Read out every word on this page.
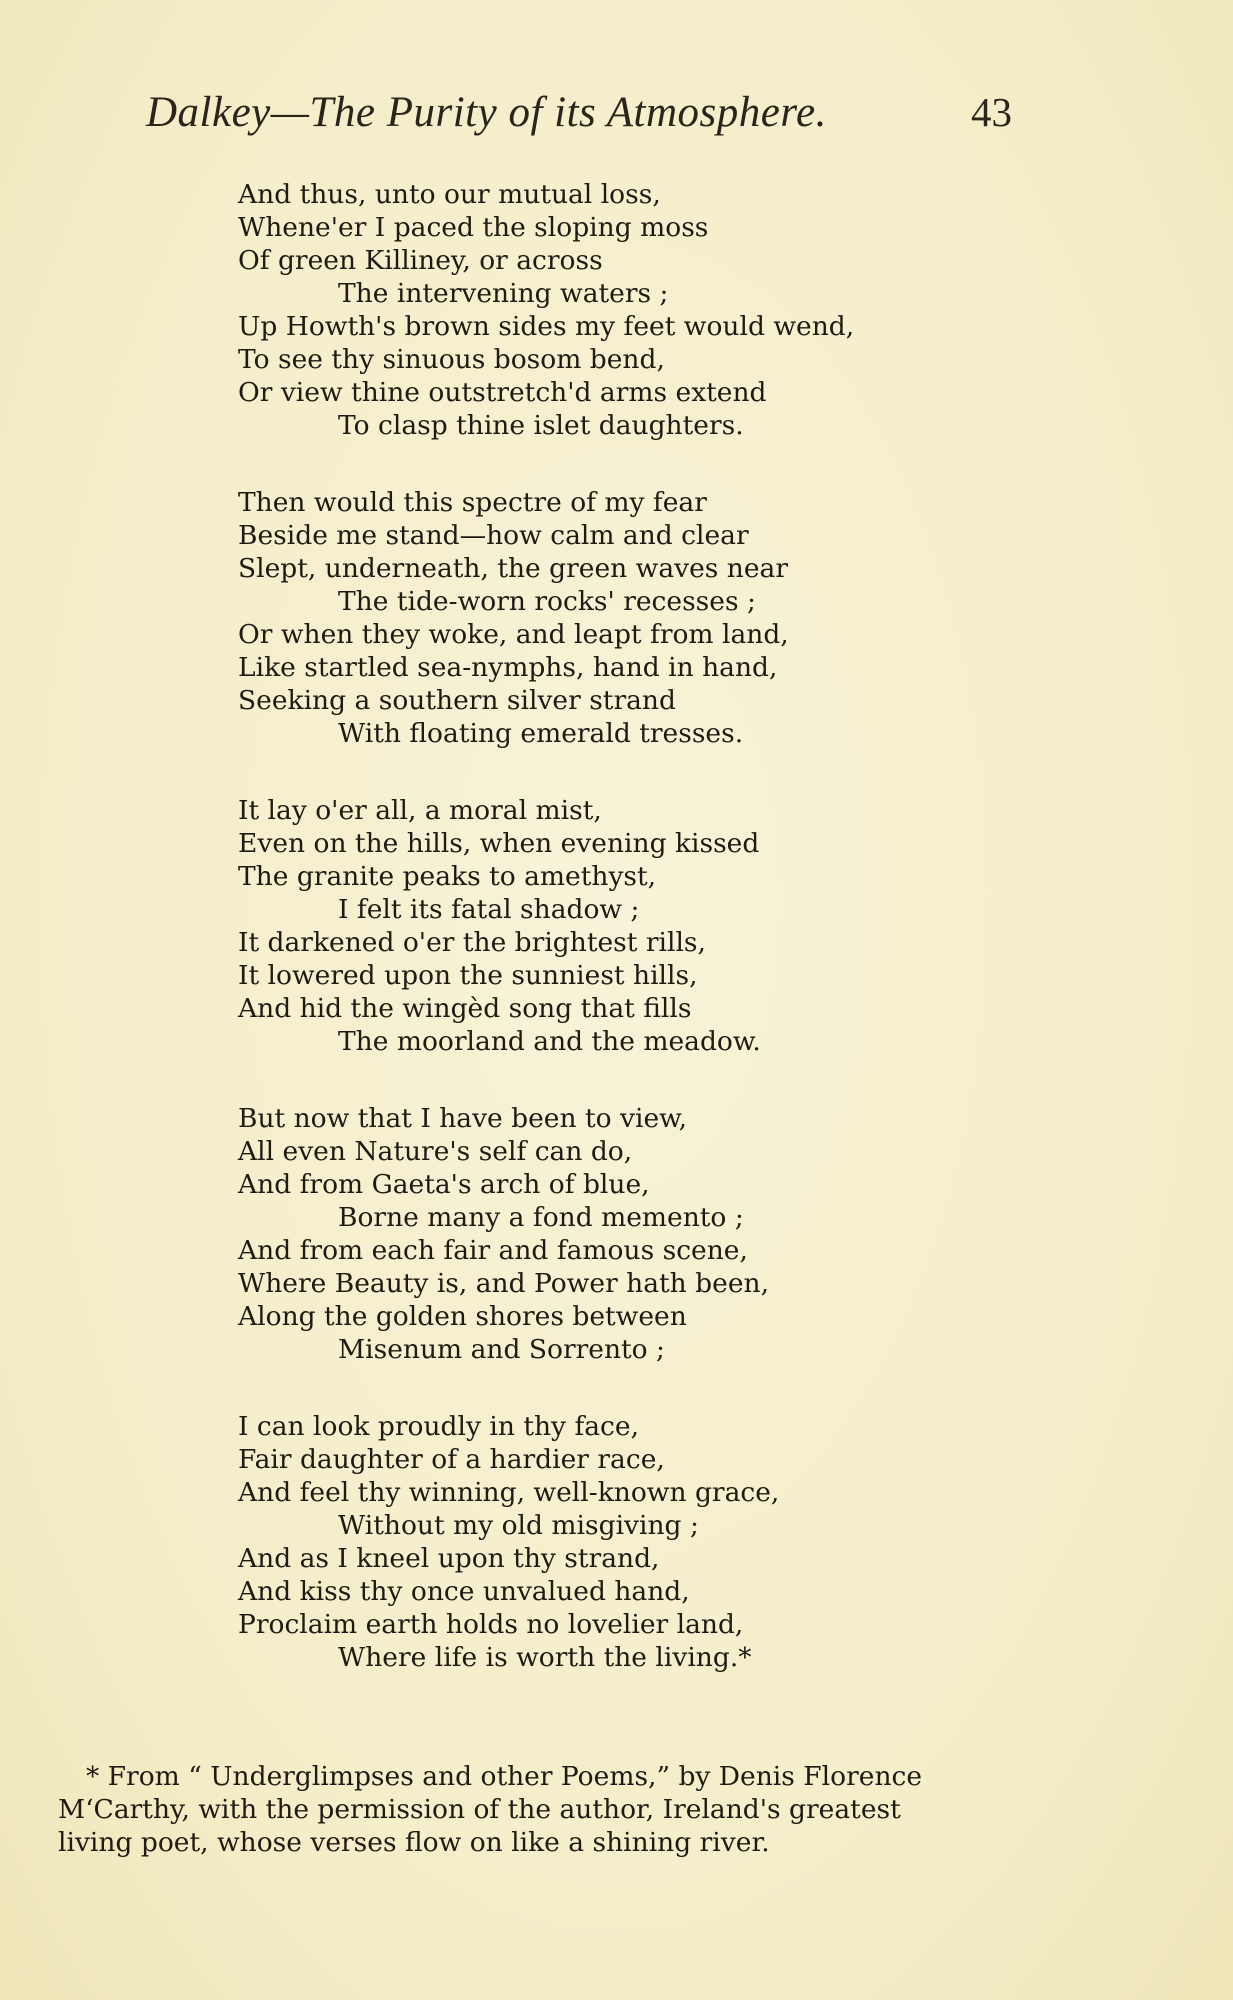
Dalkey—The Purity of its Atmosphere.	43
And thus, unto our mutual loss,
Whene'er I paced the sloping moss
Of green Killiney, or across
The intervening waters ;
Up Howth's brown sides my feet would wend,
To see thy sinuous bosom bend,
Or view thine outstretch'd arms extend
To clasp thine islet daughters.
Then would this spectre of my fear
Beside me stand—how calm and clear
Slept, underneath, the green waves near
The tide-worn rocks' recesses ;
Or when they woke, and leapt from land,
Like startled sea-nymphs, hand in hand,
Seeking a southern silver strand
With floating emerald tresses.
It lay o'er all, a moral mist,
Even on the hills, when evening kissed
The granite peaks to amethyst,
I felt its fatal shadow ;
It darkened o'er the brightest rills,
It lowered upon the sunniest hills,
And hid the wingèd song that fills
The moorland and the meadow.
But now that I have been to view,
All even Nature's self can do,
And from Gaeta's arch of blue,
Borne many a fond memento ;
And from each fair and famous scene,
Where Beauty is, and Power hath been,
Along the golden shores between
Misenum and Sorrento ;
I can look proudly in thy face,
Fair daughter of a hardier race,
And feel thy winning, well-known grace,
Without my old misgiving ;
And as I kneel upon thy strand,
And kiss thy once unvalued hand,
Proclaim earth holds no lovelier land,
Where life is worth the living.*
* From “ Underglimpses and other Poems,” by Denis Florence
M‘Carthy, with the permission of the author, Ireland's greatest
living poet, whose verses flow on like a shining river.
